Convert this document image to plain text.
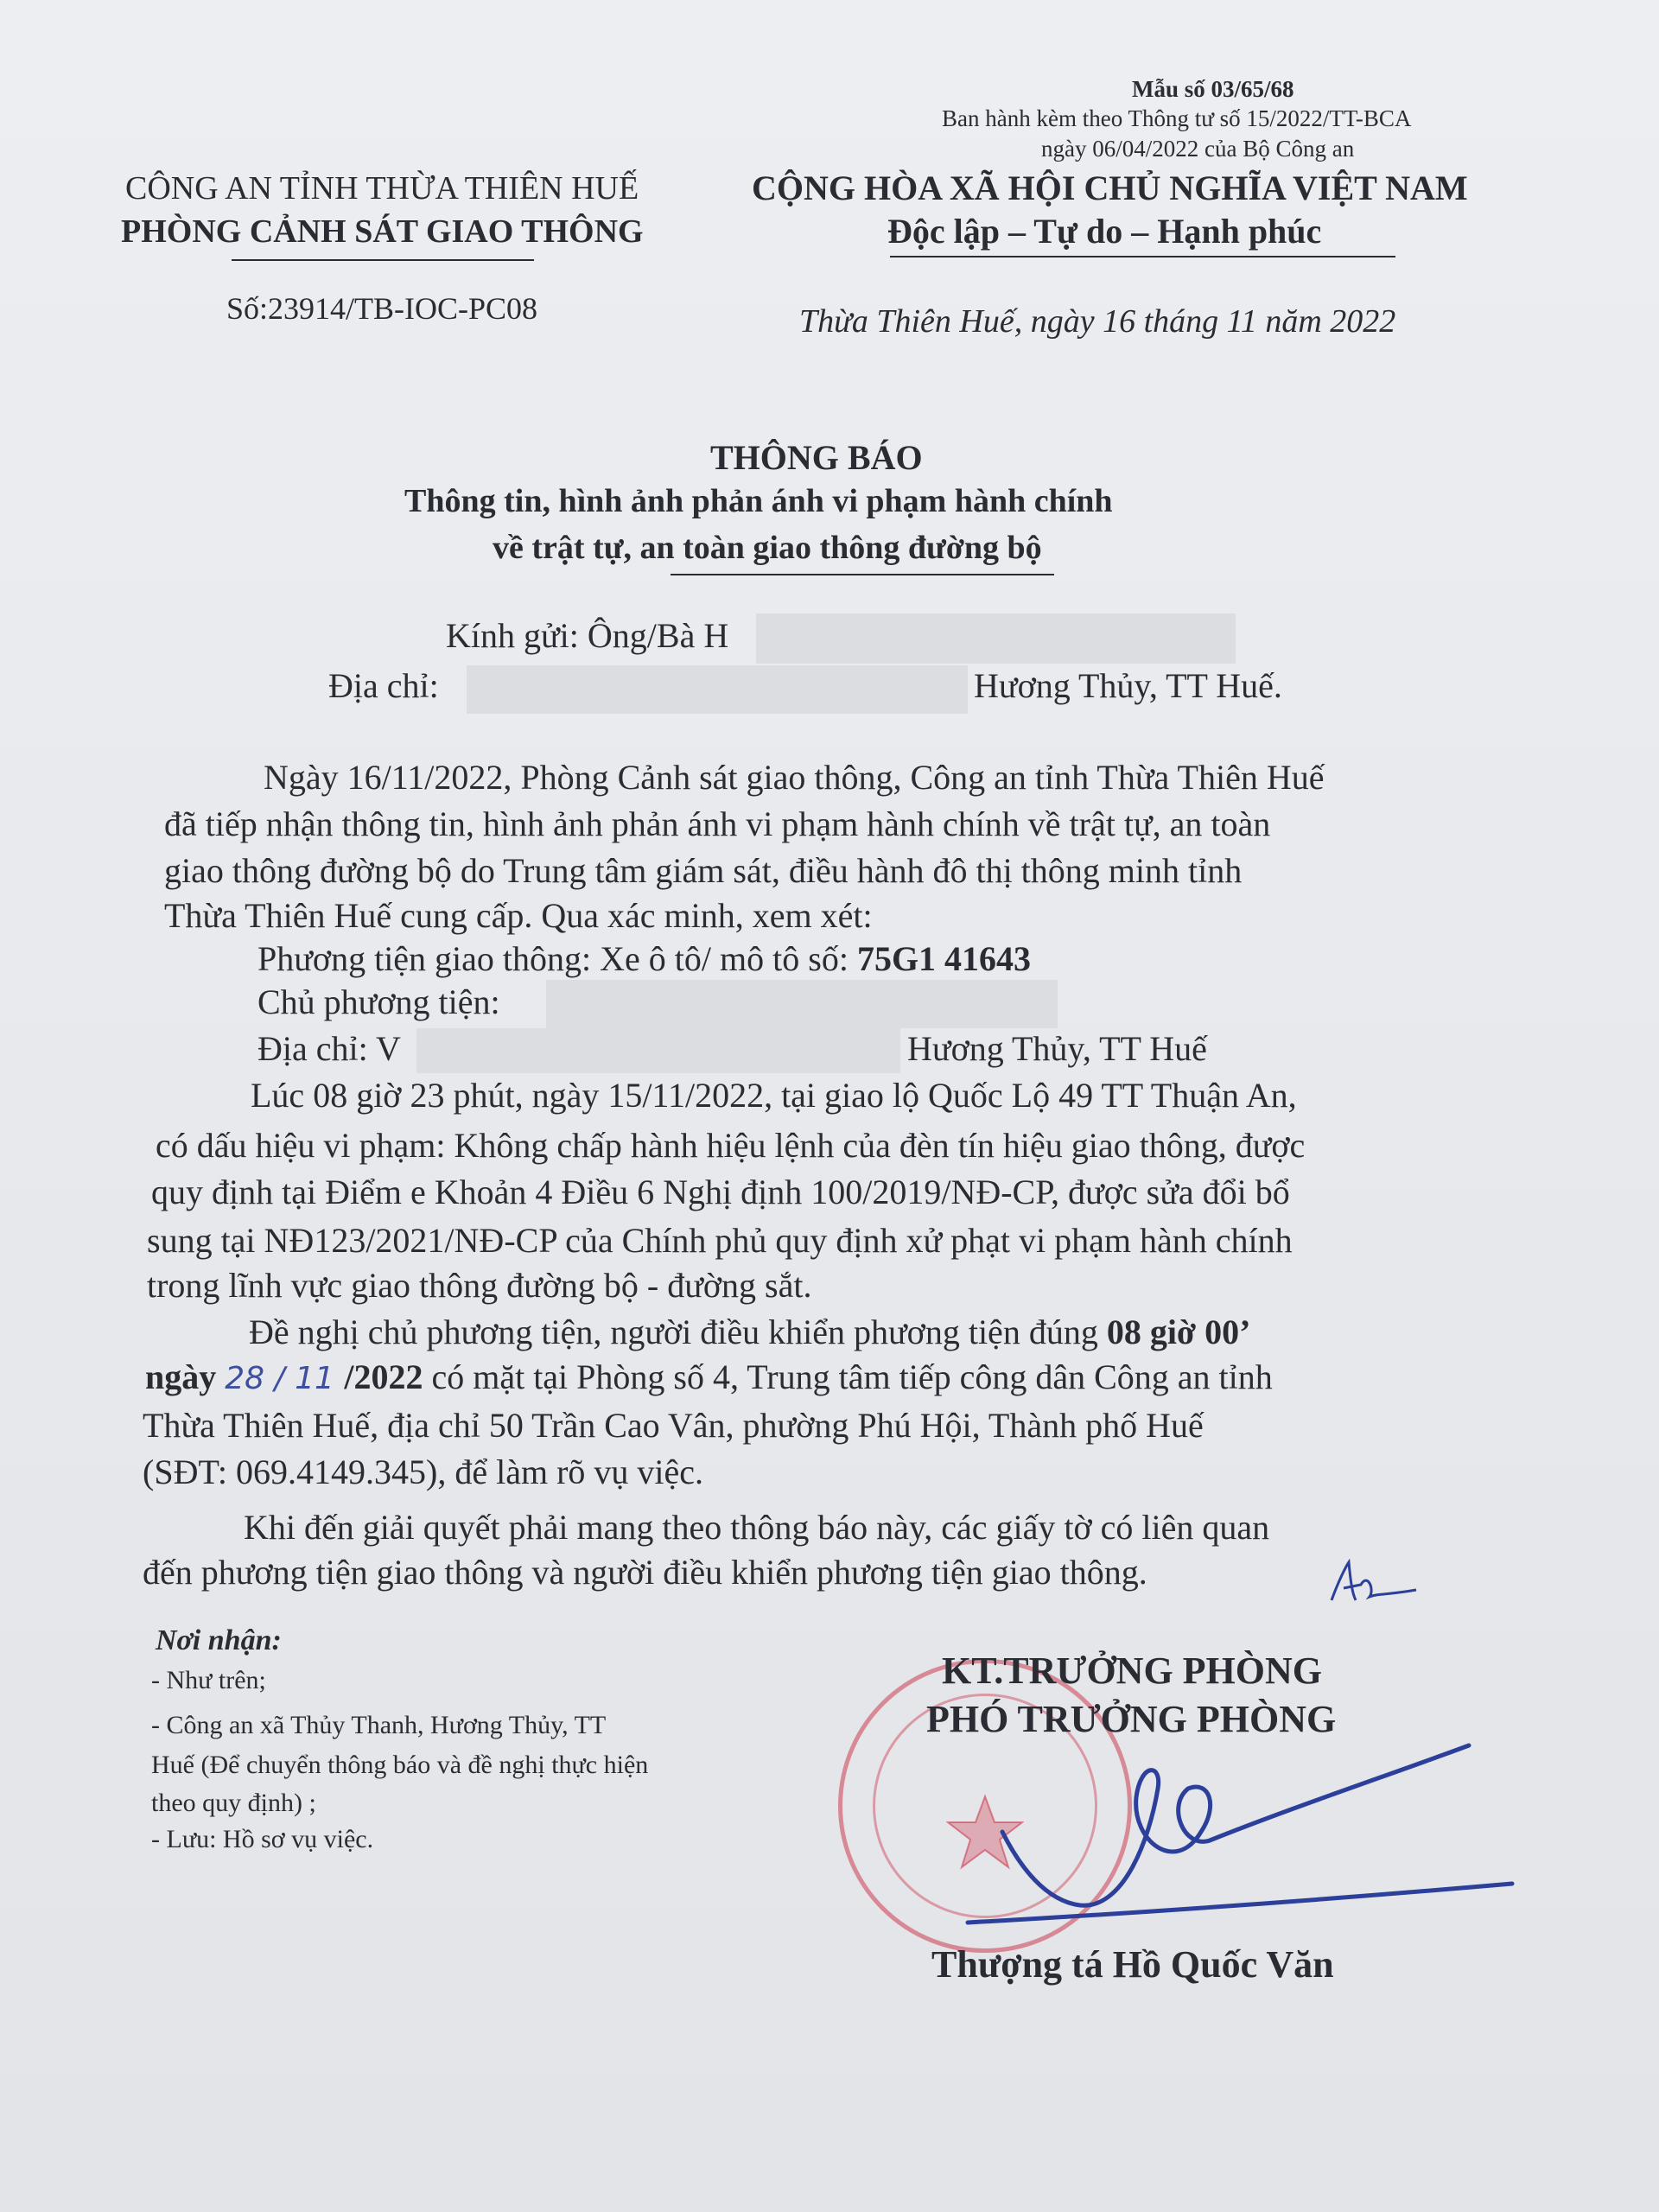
Mẫu số 03/65/68
Ban hành kèm theo Thông tư số 15/2022/TT-BCA
ngày 06/04/2022 của Bộ Công an
CÔNG AN TỈNH THỪA THIÊN HUẾ
PHÒNG CẢNH SÁT GIAO THÔNG
Số:23914/TB-IOC-PC08
CỘNG HÒA XÃ HỘI CHỦ NGHĨA VIỆT NAM
Độc lập – Tự do – Hạnh phúc
Thừa Thiên Huế, ngày 16 tháng 11 năm 2022
THÔNG BÁO
Thông tin, hình ảnh phản ánh vi phạm hành chính
về trật tự, an toàn giao thông đường bộ
Kính gửi: Ông/Bà H
Địa chỉ:	Hương Thủy, TT Huế.
Ngày 16/11/2022, Phòng Cảnh sát giao thông, Công an tỉnh Thừa Thiên Huế
đã tiếp nhận thông tin, hình ảnh phản ánh vi phạm hành chính về trật tự, an toàn
giao thông đường bộ do Trung tâm giám sát, điều hành đô thị thông minh tỉnh
Thừa Thiên Huế cung cấp. Qua xác minh, xem xét:
Phương tiện giao thông: Xe ô tô/ mô tô số: 75G1 41643
Chủ phương tiện:
Địa chỉ: V	Hương Thủy, TT Huế
Lúc 08 giờ 23 phút, ngày 15/11/2022, tại giao lộ Quốc Lộ 49 TT Thuận An,
có dấu hiệu vi phạm: Không chấp hành hiệu lệnh của đèn tín hiệu giao thông, được
quy định tại Điểm e Khoản 4 Điều 6 Nghị định 100/2019/NĐ-CP, được sửa đổi bổ
sung tại NĐ123/2021/NĐ-CP của Chính phủ quy định xử phạt vi phạm hành chính
trong lĩnh vực giao thông đường bộ - đường sắt.
Đề nghị chủ phương tiện, người điều khiển phương tiện đúng 08 giờ 00’
ngày 28 / 11 /2022 có mặt tại Phòng số 4, Trung tâm tiếp công dân Công an tỉnh
Thừa Thiên Huế, địa chỉ 50 Trần Cao Vân, phường Phú Hội, Thành phố Huế
(SĐT: 069.4149.345), để làm rõ vụ việc.
Khi đến giải quyết phải mang theo thông báo này, các giấy tờ có liên quan
đến phương tiện giao thông và người điều khiển phương tiện giao thông.
Nơi nhận:
- Như trên;
- Công an xã Thủy Thanh, Hương Thủy, TT
Huế (Để chuyển thông báo và đề nghị thực hiện
theo quy định) ;
- Lưu: Hồ sơ vụ việc.
KT.TRƯỞNG PHÒNG
PHÓ TRƯỞNG PHÒNG
Thượng tá Hồ Quốc Văn
